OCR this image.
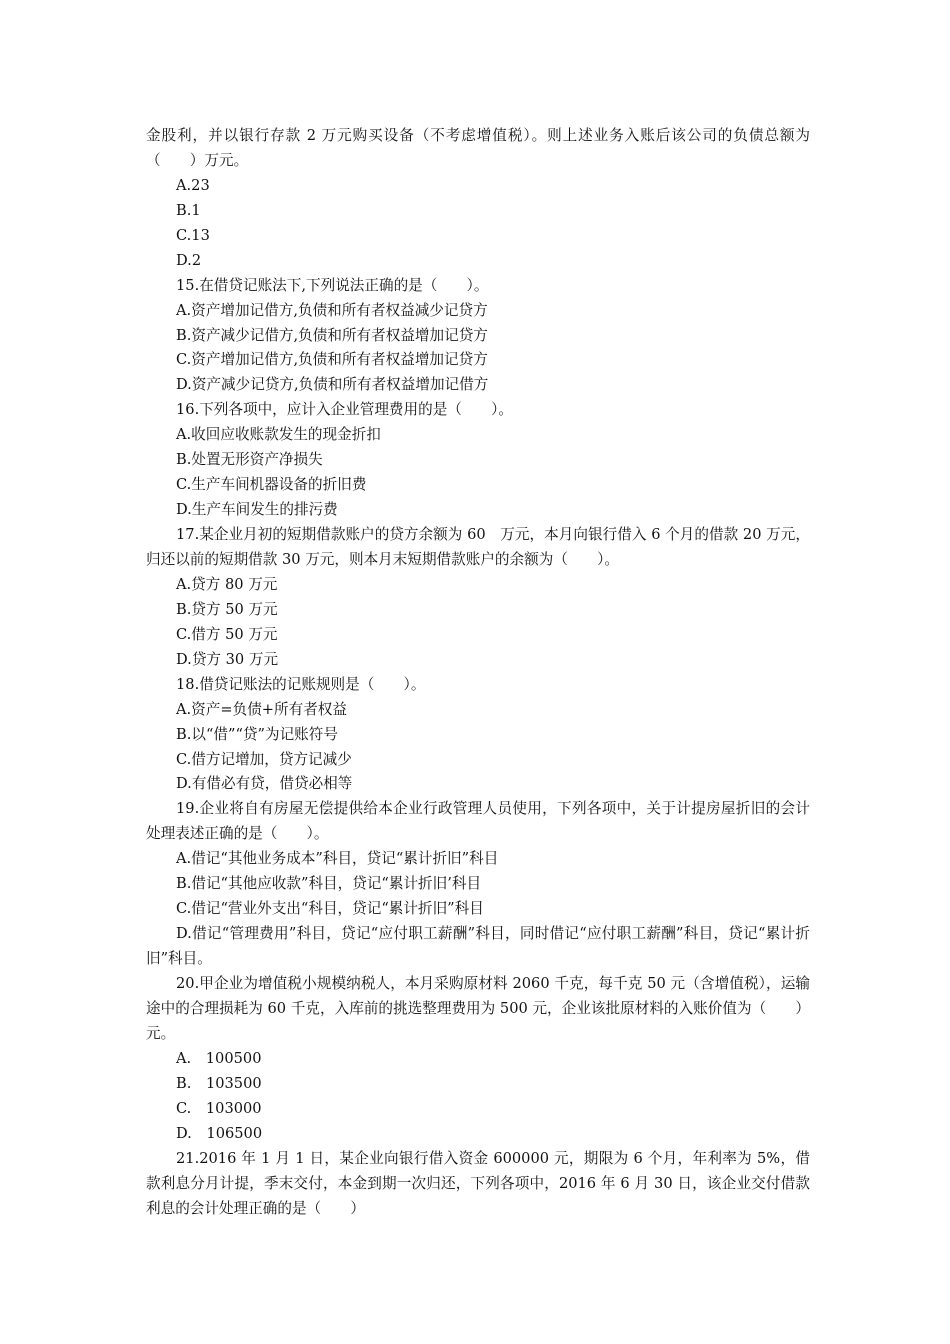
金股利，并以银行存款 2 万元购买设备（不考虑增值税）。则上述业务入账后该公司的负债总额为（　　）万元。
A.23
B.1
C.13
D.2
15.在借贷记账法下,下列说法正确的是（　　）。
A.资产增加记借方,负债和所有者权益减少记贷方
B.资产减少记借方,负债和所有者权益增加记贷方
C.资产增加记借方,负债和所有者权益增加记贷方
D.资产减少记贷方,负债和所有者权益增加记借方
16.下列各项中，应计入企业管理费用的是（　　）。
A.收回应收账款发生的现金折扣
B.处置无形资产净损失
C.生产车间机器设备的折旧费
D.生产车间发生的排污费
17.某企业月初的短期借款账户的贷方余额为 60　万元，本月向银行借入 6 个月的借款 20 万元，归还以前的短期借款 30 万元，则本月末短期借款账户的余额为（　　）。
A.贷方 80 万元
B.贷方 50 万元
C.借方 50 万元
D.贷方 30 万元
18.借贷记账法的记账规则是（　　）。
A.资产=负债+所有者权益
B.以“借”“贷”为记账符号
C.借方记增加，贷方记减少
D.有借必有贷，借贷必相等
19.企业将自有房屋无偿提供给本企业行政管理人员使用，下列各项中，关于计提房屋折旧的会计处理表述正确的是（　　）。
A.借记“其他业务成本”科目，贷记“累计折旧”科目
B.借记“其他应收款”科目，贷记“累计折旧’科目
C.借记“营业外支出“科目，贷记“累计折旧”科目
D.借记“管理费用”科目，贷记“应付职工薪酬”科目，同时借记“应付职工薪酬”科目，贷记“累计折旧”科目。
20.甲企业为增值税小规模纳税人，本月采购原材料 2060 千克，每千克 50 元（含增值税），运输途中的合理损耗为 60 千克，入库前的挑选整理费用为 500 元，企业该批原材料的入账价值为（　　）元。
A.　100500
B.　103500
C.　103000
D.　106500
21.2016 年 1 月 1 日，某企业向银行借入资金 600000 元，期限为 6 个月，年利率为 5%，借款利息分月计提，季末交付，本金到期一次归还，下列各项中，2016 年 6 月 30 日，该企业交付借款利息的会计处理正确的是（　　）
